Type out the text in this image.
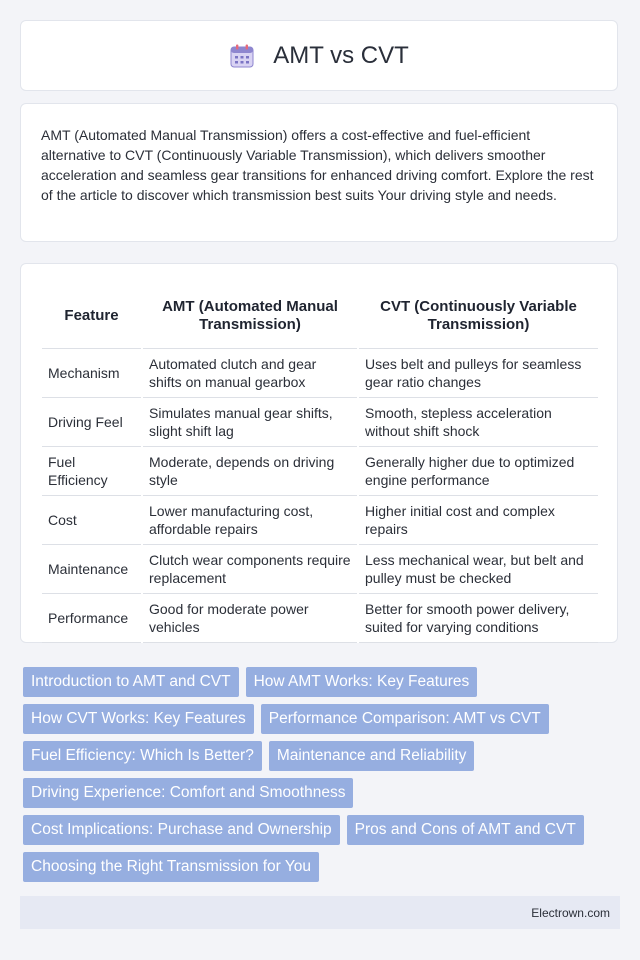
AMT vs CVT

AMT (Automated Manual Transmission) offers a cost-effective and fuel-efficient alternative to CVT (Continuously Variable Transmission), which delivers smoother acceleration and seamless gear transitions for enhanced driving comfort. Explore the rest of the article to discover which transmission best suits Your driving style and needs.

Feature	AMT (Automated Manual Transmission)	CVT (Continuously Variable Transmission)
Mechanism	Automated clutch and gear shifts on manual gearbox	Uses belt and pulleys for seamless gear ratio changes
Driving Feel	Simulates manual gear shifts, slight shift lag	Smooth, stepless acceleration without shift shock
Fuel Efficiency	Moderate, depends on driving style	Generally higher due to optimized engine performance
Cost	Lower manufacturing cost, affordable repairs	Higher initial cost and complex repairs
Maintenance	Clutch wear components require replacement	Less mechanical wear, but belt and pulley must be checked
Performance	Good for moderate power vehicles	Better for smooth power delivery, suited for varying conditions
Introduction to AMT and CVT	How AMT Works: Key Features
How CVT Works: Key Features	Performance Comparison: AMT vs CVT
Fuel Efficiency: Which Is Better?	Maintenance and Reliability
Driving Experience: Comfort and Smoothness
Cost Implications: Purchase and Ownership	Pros and Cons of AMT and CVT
Choosing the Right Transmission for You
Electrown.com
